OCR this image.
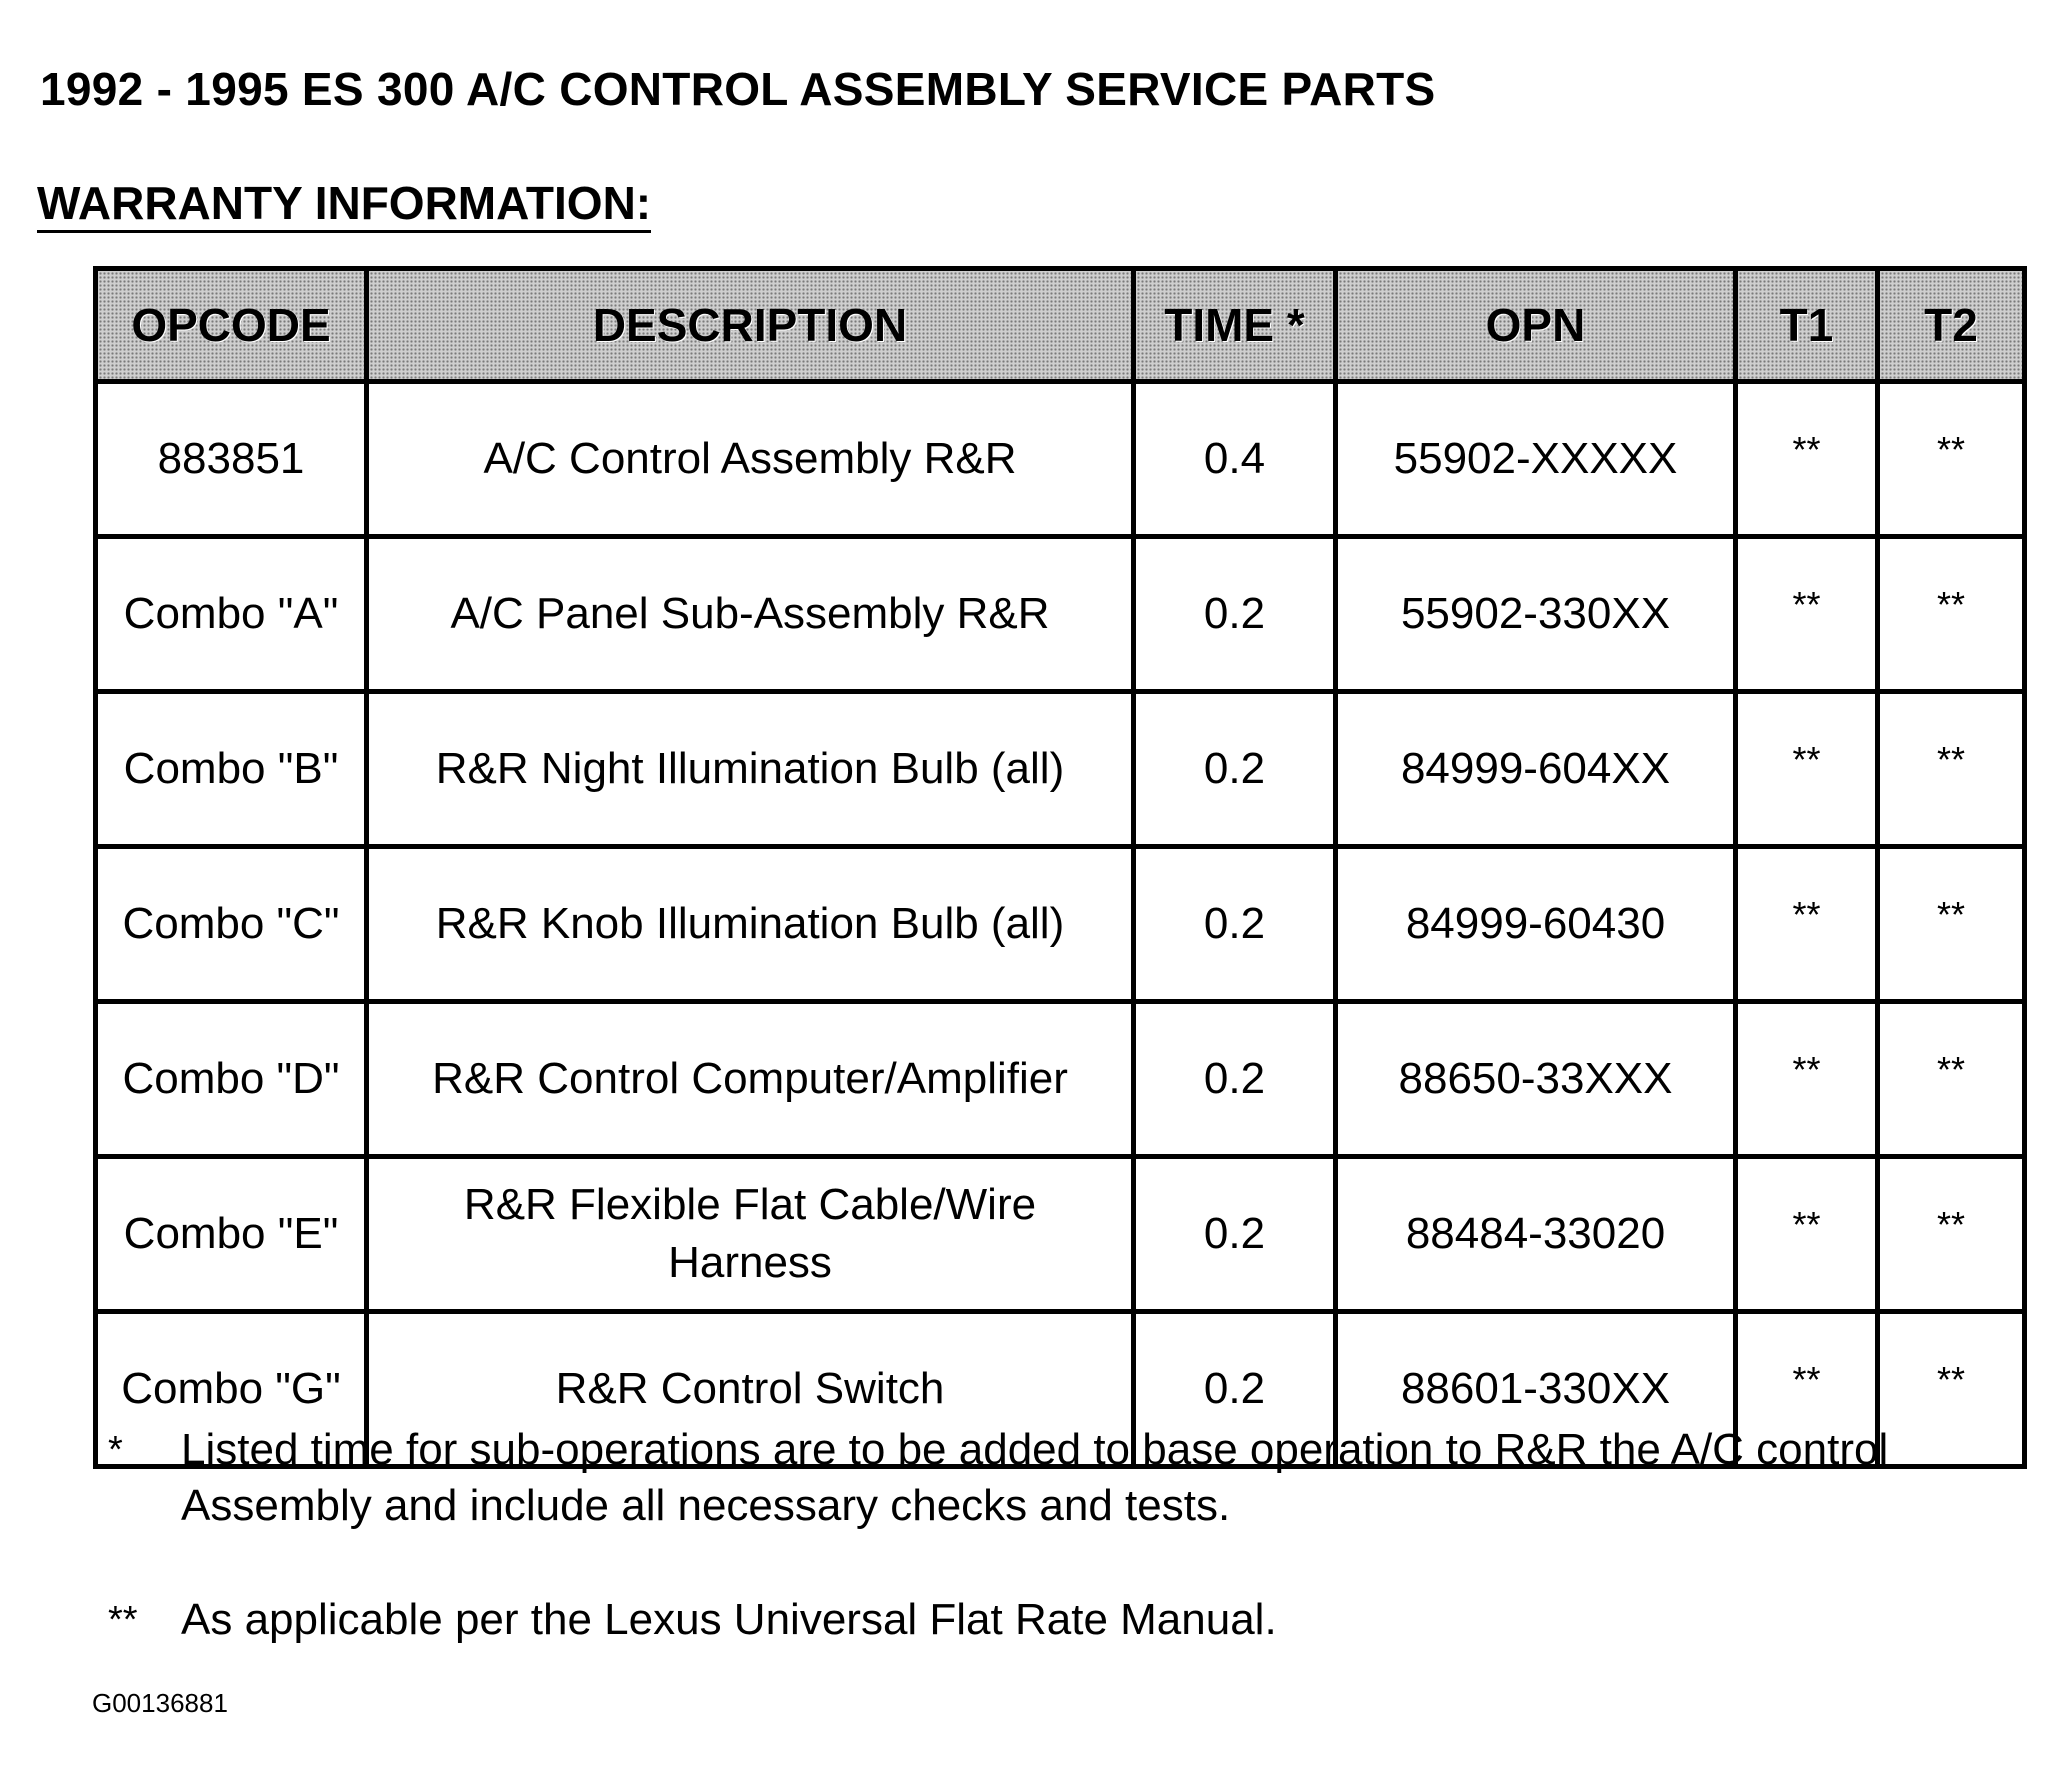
1992 - 1995 ES 300 A/C CONTROL ASSEMBLY SERVICE PARTS
WARRANTY INFORMATION:
OPCODE	DESCRIPTION	TIME *	OPN	T1	T2
883851	A/C Control Assembly R&R	0.4	55902-XXXXX	**	**
Combo "A"	A/C Panel Sub-Assembly R&R	0.2	55902-330XX	**	**
Combo "B"	R&R Night Illumination Bulb (all)	0.2	84999-604XX	**	**
Combo "C"	R&R Knob Illumination Bulb (all)	0.2	84999-60430	**	**
Combo "D"	R&R Control Computer/Amplifier	0.2	88650-33XXX	**	**
Combo "E"	R&R Flexible Flat Cable/Wire Harness	0.2	88484-33020	**	**
Combo "G"	R&R Control Switch	0.2	88601-330XX	**	**
*	Listed time for sub-operations are to be added to base operation to R&R the A/C control Assembly and include all necessary checks and tests.
** As applicable per the Lexus Universal Flat Rate Manual.
G00136881
